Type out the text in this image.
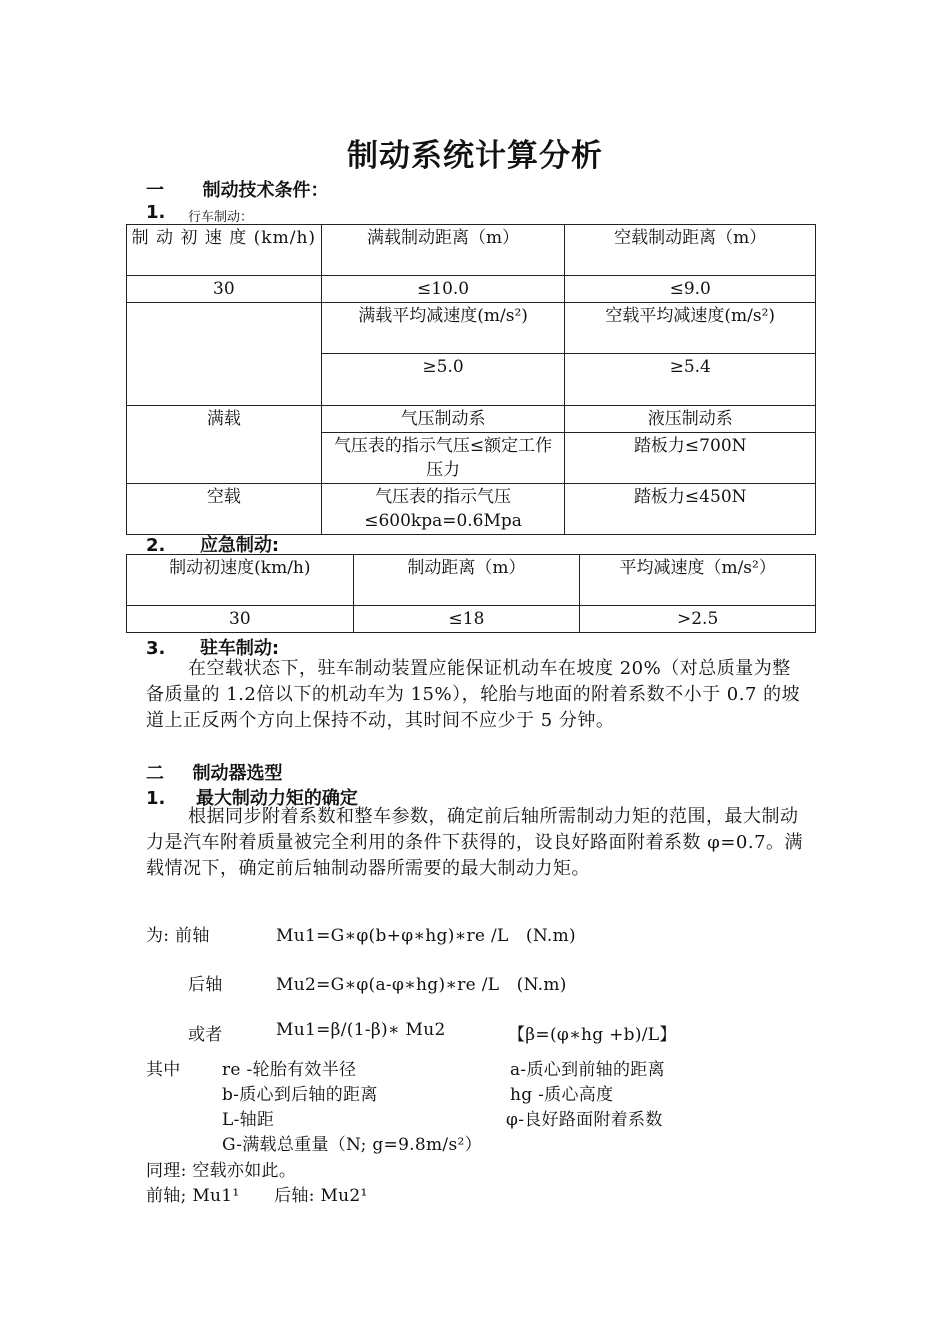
制动系统计算分析
一 制动技术条件：
1. 行车制动：
制 动 初 速 度 (km/h)	满载制动距离（m）	空载制动距离（m）
30	≤10.0	≤9.0
	满载平均减速度(m/s²)	空载平均减速度(m/s²)
	≥5.0	≥5.4
满载	气压制动系	液压制动系
	气压表的指示气压≤额定工作压力	踏板力≤700N
空载	气压表的指示气压≤600kpa=0.6Mpa	踏板力≤450N
2. 应急制动:
制动初速度(km/h)	制动距离（m）	平均减速度（m/s²）
30	≤18	>2.5
3. 驻车制动:
在空载状态下，驻车制动装置应能保证机动车在坡度 20%（对总质量为整备质量的 1.2倍以下的机动车为 15%），轮胎与地面的附着系数不小于 0.7 的坡道上正反两个方向上保持不动，其时间不应少于 5 分钟。
二 制动器选型
1. 最大制动力矩的确定
根据同步附着系数和整车参数，确定前后轴所需制动力矩的范围，最大制动力是汽车附着质量被完全利用的条件下获得的，设良好路面附着系数 φ=0.7。满载情况下，确定前后轴制动器所需要的最大制动力矩。
为: 前轴	Mu1=G∗φ(b+φ∗hg)∗re /L　(N.m)
后轴	Mu2=G∗φ(a-φ∗hg)∗re /L　(N.m)
或者	Mu1=β/(1-β)∗ Mu2	【β=(φ∗hg +b)/L】
其中 re -轮胎有效半径	a-质心到前轴的距离
b-质心到后轴的距离	hg -质心高度
L-轴距	φ-良好路面附着系数
G-满载总重量（N; g=9.8m/s²）
同理: 空载亦如此。
前轴; Mu1¹　　后轴: Mu2¹
